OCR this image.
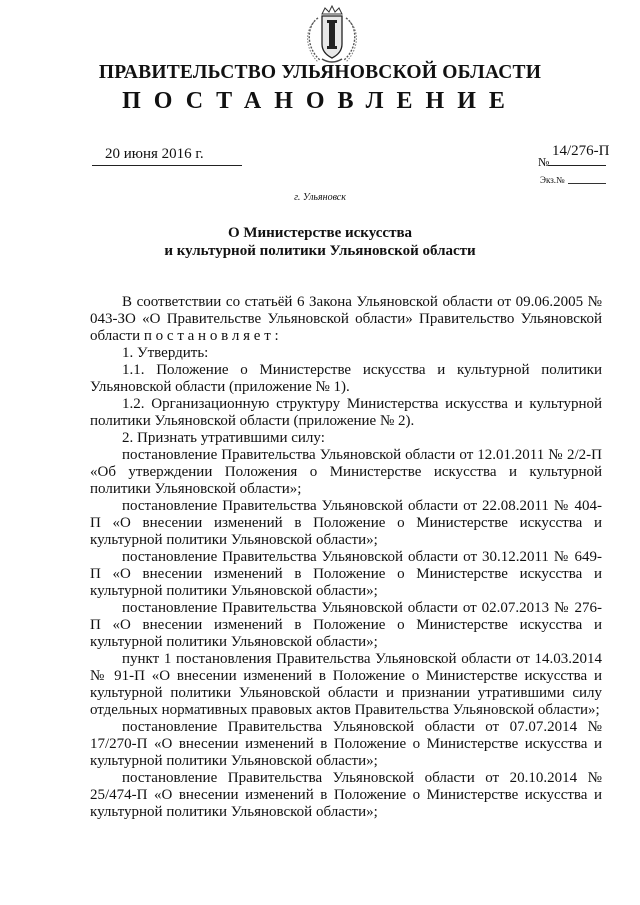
ПРАВИТЕЛЬСТВО УЛЬЯНОВСКОЙ ОБЛАСТИ
ПОСТАНОВЛЕНИЕ
20 июня 2016 г.	14/276-П
№
Экз.№
г. Ульяновск
О Министерстве искусства
и культурной политики Ульяновской области

В соответствии со статьёй 6 Закона Ульяновской области от 09.06.2005 № 043-ЗО «О Правительстве Ульяновской области» Правительство Ульяновской области п о с т а н о в л я е т :

1. Утвердить:

1.1. Положение о Министерстве искусства и культурной политики Ульяновской области (приложение № 1).

1.2. Организационную структуру Министерства искусства и культурной политики Ульяновской области (приложение № 2).

2. Признать утратившими силу:

постановление Правительства Ульяновской области от 12.01.2011 № 2/2-П «Об утверждении Положения о Министерстве искусства и культурной политики Ульяновской области»;

постановление Правительства Ульяновской области от 22.08.2011 № 404-П «О внесении изменений в Положение о Министерстве искусства и культурной политики Ульяновской области»;

постановление Правительства Ульяновской области от 30.12.2011 № 649-П «О внесении изменений в Положение о Министерстве искусства и культурной политики Ульяновской области»;

постановление Правительства Ульяновской области от 02.07.2013 № 276-П «О внесении изменений в Положение о Министерстве искусства и культурной политики Ульяновской области»;

пункт 1 постановления Правительства Ульяновской области от 14.03.2014 № 91-П «О внесении изменений в Положение о Министерстве искусства и культурной политики Ульяновской области и признании утратившими силу отдельных нормативных правовых актов Правительства Ульяновской области»;

постановление Правительства Ульяновской области от 07.07.2014 № 17/270-П «О внесении изменений в Положение о Министерстве искусства и культурной политики Ульяновской области»;

постановление Правительства Ульяновской области от 20.10.2014 № 25/474-П «О внесении изменений в Положение о Министерстве искусства и культурной политики Ульяновской области»;
